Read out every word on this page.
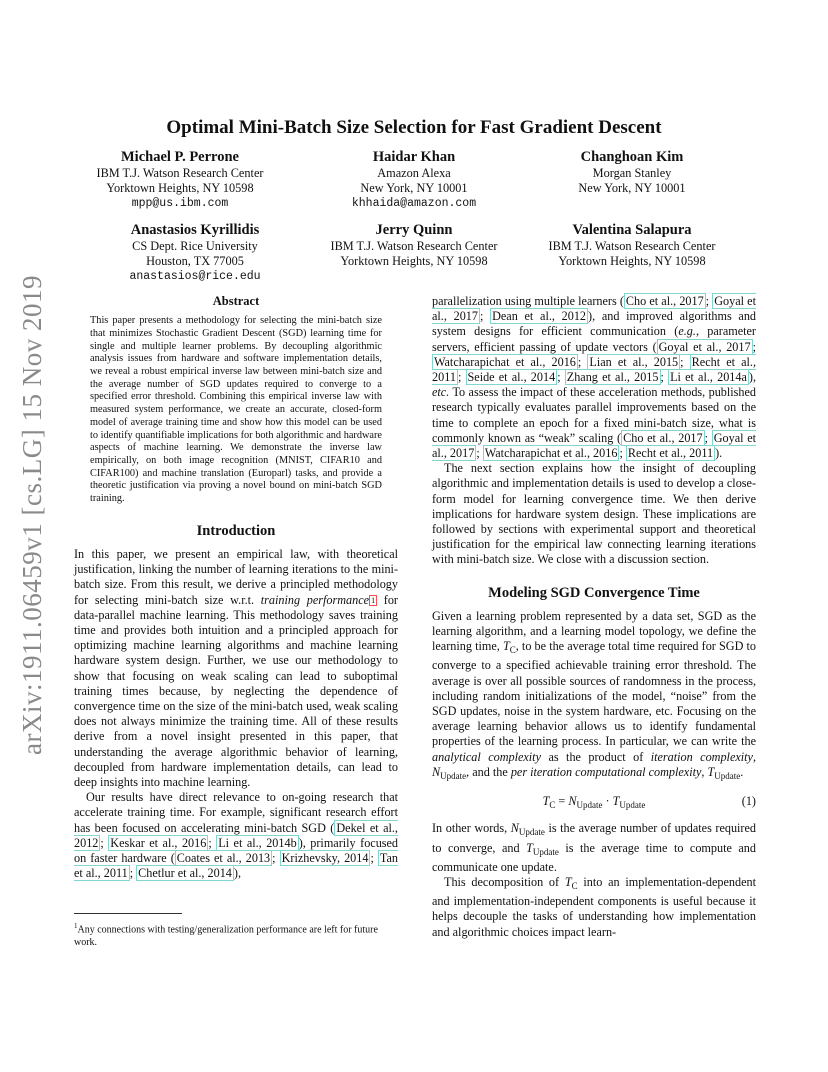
arXiv:1911.06459v1 [cs.LG] 15 Nov 2019
Optimal Mini-Batch Size Selection for Fast Gradient Descent
Michael P. Perrone
IBM T.J. Watson Research Center
Yorktown Heights, NY 10598
mpp@us.ibm.com
Haidar Khan
Amazon Alexa
New York, NY 10001
khhaida@amazon.com
Changhoan Kim
Morgan Stanley
New York, NY 10001
Anastasios Kyrillidis
CS Dept. Rice University
Houston, TX 77005
anastasios@rice.edu
Jerry Quinn
IBM T.J. Watson Research Center
Yorktown Heights, NY 10598
Valentina Salapura
IBM T.J. Watson Research Center
Yorktown Heights, NY 10598
Abstract

This paper presents a methodology for selecting the mini-batch size that minimizes Stochastic Gradient Descent (SGD) learning time for single and multiple learner problems. By decoupling algorithmic analysis issues from hardware and software implementation details, we reveal a robust empirical inverse law between mini-batch size and the average number of SGD updates required to converge to a specified error threshold. Combining this empirical inverse law with measured system performance, we create an accurate, closed-form model of average training time and show how this model can be used to identify quantifiable implications for both algorithmic and hardware aspects of machine learning. We demonstrate the inverse law empirically, on both image recognition (MNIST, CIFAR10 and CIFAR100) and machine translation (Europarl) tasks, and provide a theoretic justification via proving a novel bound on mini-batch SGD training.

Introduction

In this paper, we present an empirical law, with theoretical justification, linking the number of learning iterations to the mini-batch size. From this result, we derive a principled methodology for selecting mini-batch size w.r.t. training performance $^1$ for data-parallel machine learning. This methodology saves training time and provides both intuition and a principled approach for optimizing machine learning algorithms and machine learning hardware system design. Further, we use our methodology to show that focusing on weak scaling can lead to suboptimal training times because, by neglecting the dependence of convergence time on the size of the mini-batch used, weak scaling does not always minimize the training time. All of these results derive from a novel insight presented in this paper, that understanding the average algorithmic behavior of learning, decoupled from hardware implementation details, can lead to deep insights into machine learning.

Our results have direct relevance to on-going research that accelerate training time. For example, significant research effort has been focused on accelerating mini-batch SGD ( Dekel et al., 2012 ; Keskar et al., 2016 ; Li et al., 2014b ), primarily focused on faster hardware ( Coates et al., 2013 ; Krizhevsky, 2014 ; Tan et al., 2011 ; Chetlur et al., 2014 ),

$^1$Any connections with testing/generalization performance are left for future work.

parallelization using multiple learners ( Cho et al., 2017 ; Goyal et al., 2017 ; Dean et al., 2012 ), and improved algorithms and system designs for efficient communication (e.g., parameter servers, efficient passing of update vectors ( Goyal et al., 2017 ; Watcharapichat et al., 2016 ; Lian et al., 2015 ; Recht et al., 2011 ; Seide et al., 2014 ; Zhang et al., 2015 ; Li et al., 2014a ), etc. To assess the impact of these acceleration methods, published research typically evaluates parallel improvements based on the time to complete an epoch for a fixed mini-batch size, what is commonly known as “weak” scaling ( Cho et al., 2017 ; Goyal et al., 2017 ; Watcharapichat et al., 2016 ; Recht et al., 2011 ).

The next section explains how the insight of decoupling algorithmic and implementation details is used to develop a close-form model for learning convergence time. We then derive implications for hardware system design. These implications are followed by sections with experimental support and theoretical justification for the empirical law connecting learning iterations with mini-batch size. We close with a discussion section.

Modeling SGD Convergence Time

Given a learning problem represented by a data set, SGD as the learning algorithm, and a learning model topology, we define the learning time, $T_C$, to be the average total time required for SGD to converge to a specified achievable training error threshold. The average is over all possible sources of randomness in the process, including random initializations of the model, “noise” from the SGD updates, noise in the system hardware, etc. Focusing on the average learning behavior allows us to identify fundamental properties of the learning process. In particular, we can write the analytical complexity as the product of iteration complexity, $N_{Update}$, and the per iteration computational complexity, $T_{Update}$.

$T_C = N_{Update} \cdot T_{Update}$	(1)

In other words, $N_{Update}$ is the average number of updates required to converge, and $T_{Update}$ is the average time to compute and communicate one update.

This decomposition of $T_C$ into an implementation-dependent and implementation-independent components is useful because it helps decouple the tasks of understanding how implementation and algorithmic choices impact learn-
